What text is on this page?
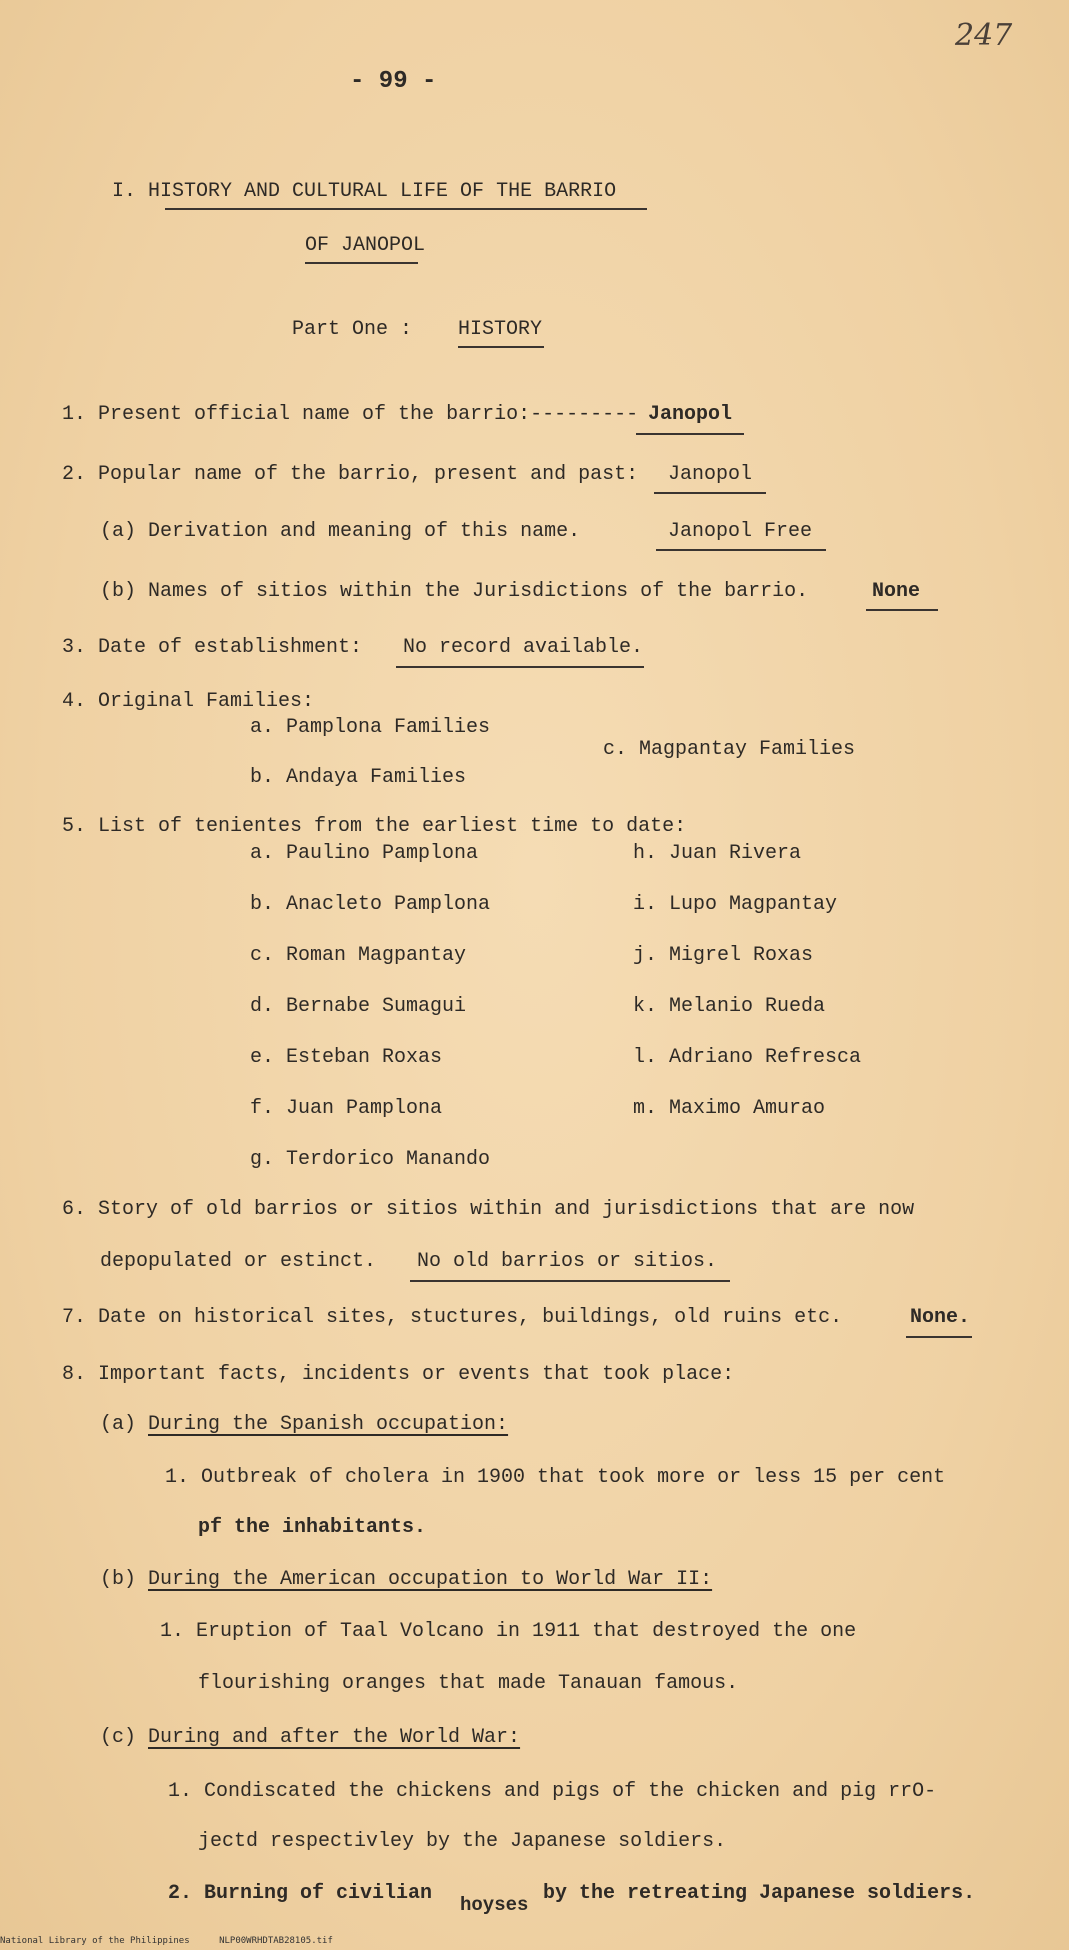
247
- 99 -
I. HISTORY AND CULTURAL LIFE OF THE BARRIO
OF JANOPOL
Part One : HISTORY
1. Present official name of the barrio:--------- Janopol
2. Popular name of the barrio, present and past: Janopol
(a) Derivation and meaning of this name.	Janopol Free
(b) Names of sitios within the Jurisdictions of the barrio.	None
3. Date of establishment: No record available.
4. Original Families:
a. Pamplona Families
c. Magpantay Families
b. Andaya Families
5. List of tenientes from the earliest time to date:
a. Paulino Pamplona
b. Anacleto Pamplona
c. Roman Magpantay
d. Bernabe Sumagui
e. Esteban Roxas
f. Juan Pamplona
g. Terdorico Manando
h. Juan Rivera
i. Lupo Magpantay
j. Migrel Roxas
k. Melanio Rueda
l. Adriano Refresca
m. Maximo Amurao
6. Story of old barrios or sitios within and jurisdictions that are now
depopulated or estinct. No old barrios or sitios.
7. Date on historical sites, stuctures, buildings, old ruins etc.	None.
8. Important facts, incidents or events that took place:
(a) During the Spanish occupation:
1. Outbreak of cholera in 1900 that took more or less 15 per cent
pf the inhabitants.
(b) During the American occupation to World War II:
1. Eruption of Taal Volcano in 1911 that destroyed the one
flourishing oranges that made Tanauan famous.
(c) During and after the World War:
1. Condiscated the chickens and pigs of the chicken and pig rrO-
jectd respectivley by the Japanese soldiers.
2. Burning of civilian hoyses by the retreating Japanese soldiers.
National Library of the Philippines	NLP00WRHDTAB28105.tif
